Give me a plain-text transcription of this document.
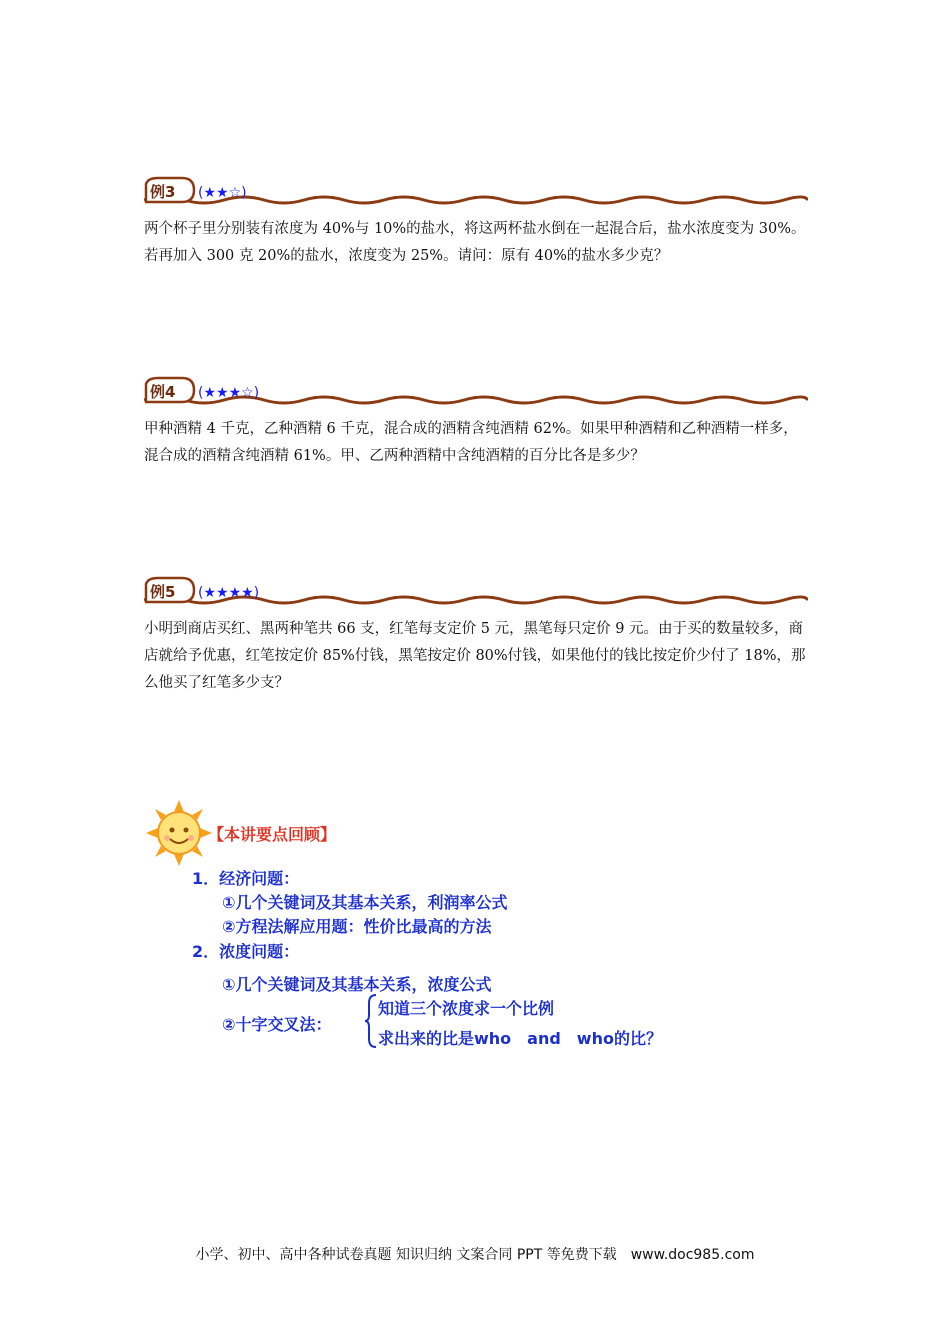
例3 (★★☆)
两个杯子里分别装有浓度为 40%与 10%的盐水，将这两杯盐水倒在一起混合后，盐水浓度变为 30%。若再加入 300 克 20%的盐水，浓度变为 25%。请问：原有 40%的盐水多少克？
例4 (★★★☆)
甲种酒精 4 千克，乙种酒精 6 千克，混合成的酒精含纯酒精 62%。如果甲种酒精和乙种酒精一样多，混合成的酒精含纯酒精 61%。甲、乙两种酒精中含纯酒精的百分比各是多少？
例5 (★★★★)
小明到商店买红、黑两种笔共 66 支，红笔每支定价 5 元，黑笔每只定价 9 元。由于买的数量较多，商店就给予优惠，红笔按定价 85%付钱，黑笔按定价 80%付钱，如果他付的钱比按定价少付了 18%，那么他买了红笔多少支？
【本讲要点回顾】
1．经济问题：
①几个关键词及其基本关系，利润率公式
②方程法解应用题：性价比最高的方法
2．浓度问题：
①几个关键词及其基本关系，浓度公式
②十字交叉法：
知道三个浓度求一个比例
求出来的比是who　and　who的比？
小学、初中、高中各种试卷真题 知识归纳 文案合同 PPT 等免费下载　www.doc985.com
